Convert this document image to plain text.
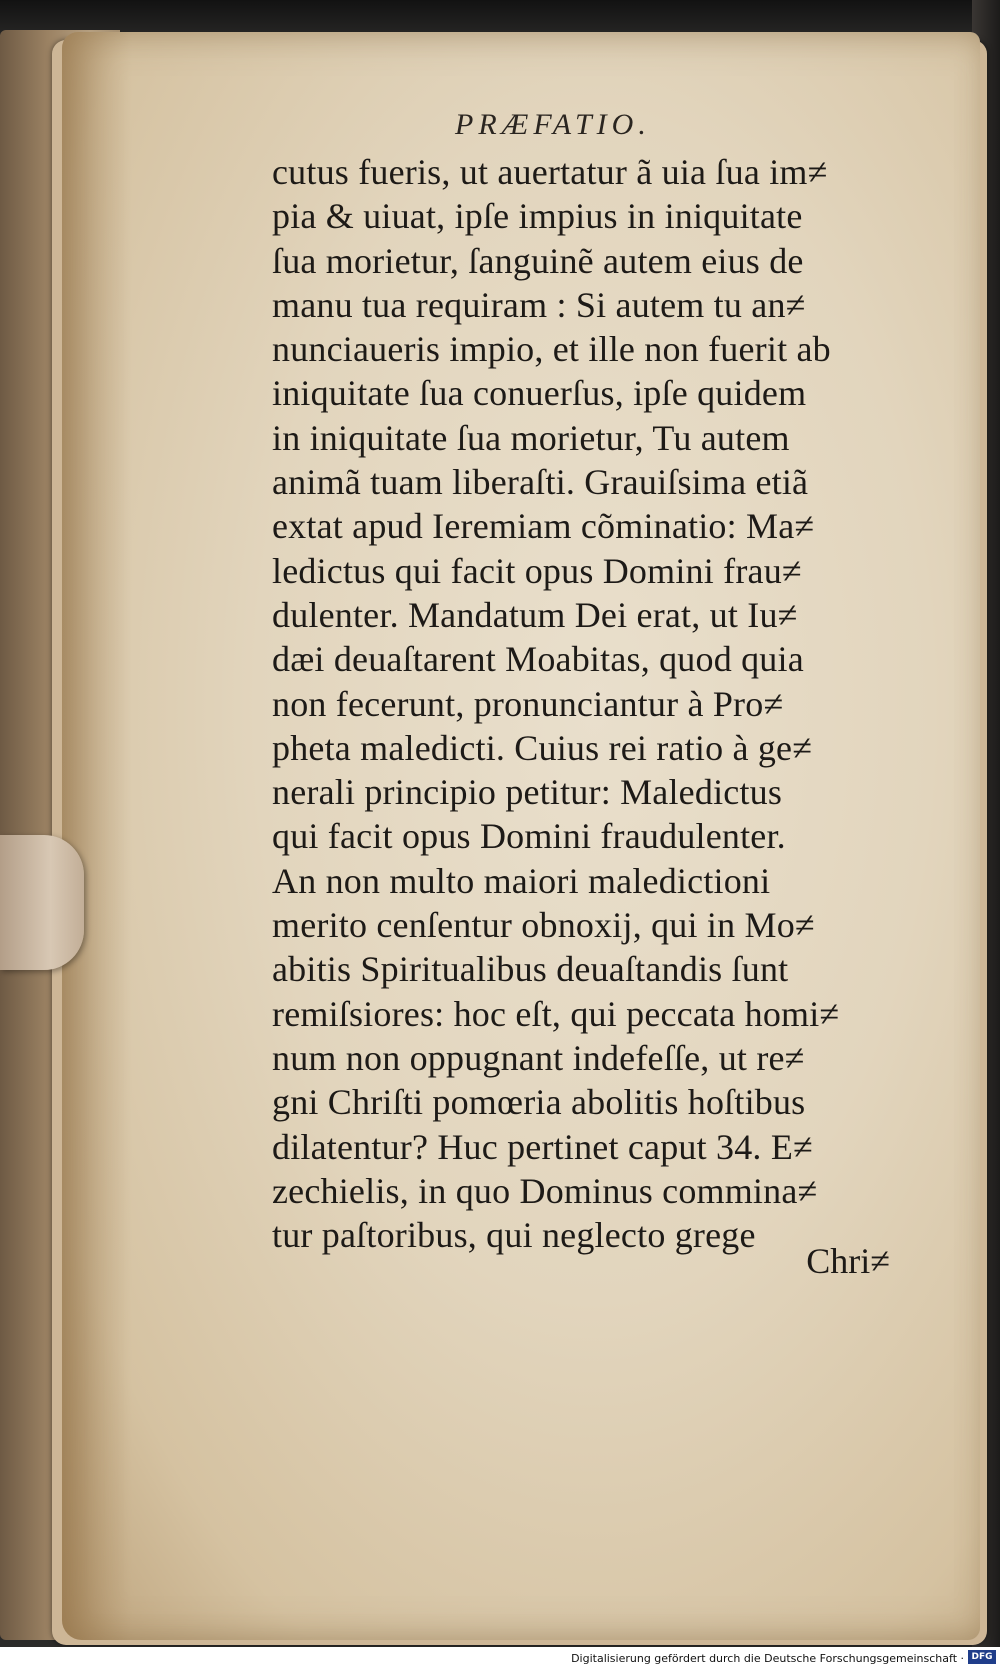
PRÆFATIO.
cutus fueris, ut auertatur ã uia ſua im≠
pia & uiuat, ipſe impius in iniquitate
ſua morietur, ſanguinẽ autem eius de
manu tua requiram : Si autem tu an≠
nunciaueris impio, et ille non fuerit ab
iniquitate ſua conuerſus, ipſe quidem
in iniquitate ſua morietur, Tu autem
animã tuam liberaſti. Grauiſsima etiã
extat apud Ieremiam cõminatio: Ma≠
ledictus qui facit opus Domini frau≠
dulenter. Mandatum Dei erat, ut Iu≠
dæi deuaſtarent Moabitas, quod quia
non fecerunt, pronunciantur à Pro≠
pheta maledicti. Cuius rei ratio à ge≠
nerali principio petitur: Maledictus
qui facit opus Domini fraudulenter.
An non multo maiori maledictioni
merito cenſentur obnoxij, qui in Mo≠
abitis Spiritualibus deuaſtandis ſunt
remiſsiores: hoc eſt, qui peccata homi≠
num non oppugnant indefeſſe, ut re≠
gni Chriſti pomœria abolitis hoſtibus
dilatentur? Huc pertinet caput 34. E≠
zechielis, in quo Dominus commina≠
tur paſtoribus, qui neglecto grege
Chri≠
Digitalisierung gefördert durch die Deutsche Forschungsgemeinschaft · DFG
